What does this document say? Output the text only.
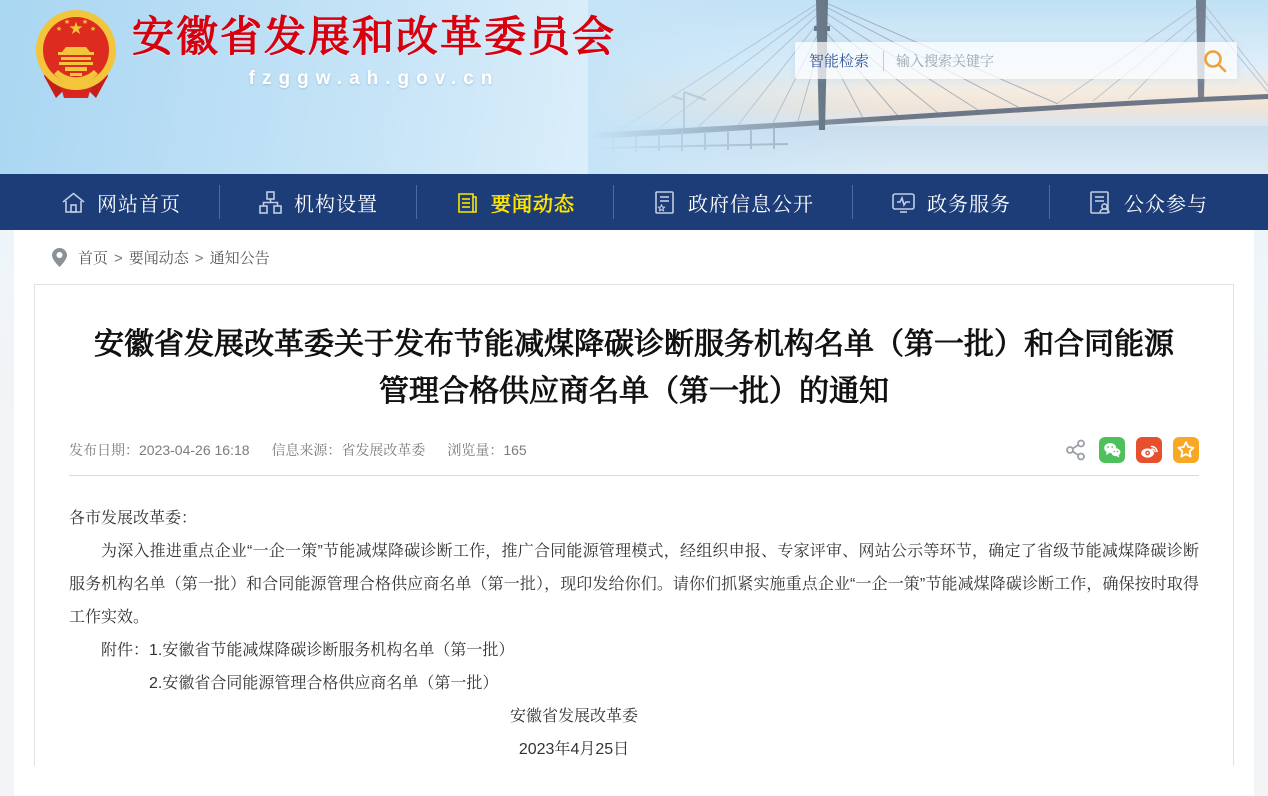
★
★
★ ★
★ 安徽省发展和改革委员会
fzggw.ah.gov.cn
智能检索
输入搜索关键字
网站首页	机构设置	要闻动态	政府信息公开	政务服务	公众参与
首页 > 要闻动态 > 通知公告
安徽省发展改革委关于发布节能减煤降碳诊断服务机构名单（第一批）和合同能源管理合格供应商名单（第一批）的通知
发布日期：2023-04-26 16:18 信息来源：省发展改革委 浏览量：165

各市发展改革委：

为深入推进重点企业“一企一策”节能减煤降碳诊断工作，推广合同能源管理模式，经组织申报、专家评审、网站公示等环节，确定了省级节能减煤降碳诊断服务机构名单（第一批）和合同能源管理合格供应商名单（第一批），现印发给你们。请你们抓紧实施重点企业“一企一策”节能减煤降碳诊断工作，确保按时取得工作实效。

附件：1.安徽省节能减煤降碳诊断服务机构名单（第一批）

2.安徽省合同能源管理合格供应商名单（第一批）

安徽省发展改革委

2023年4月25日
